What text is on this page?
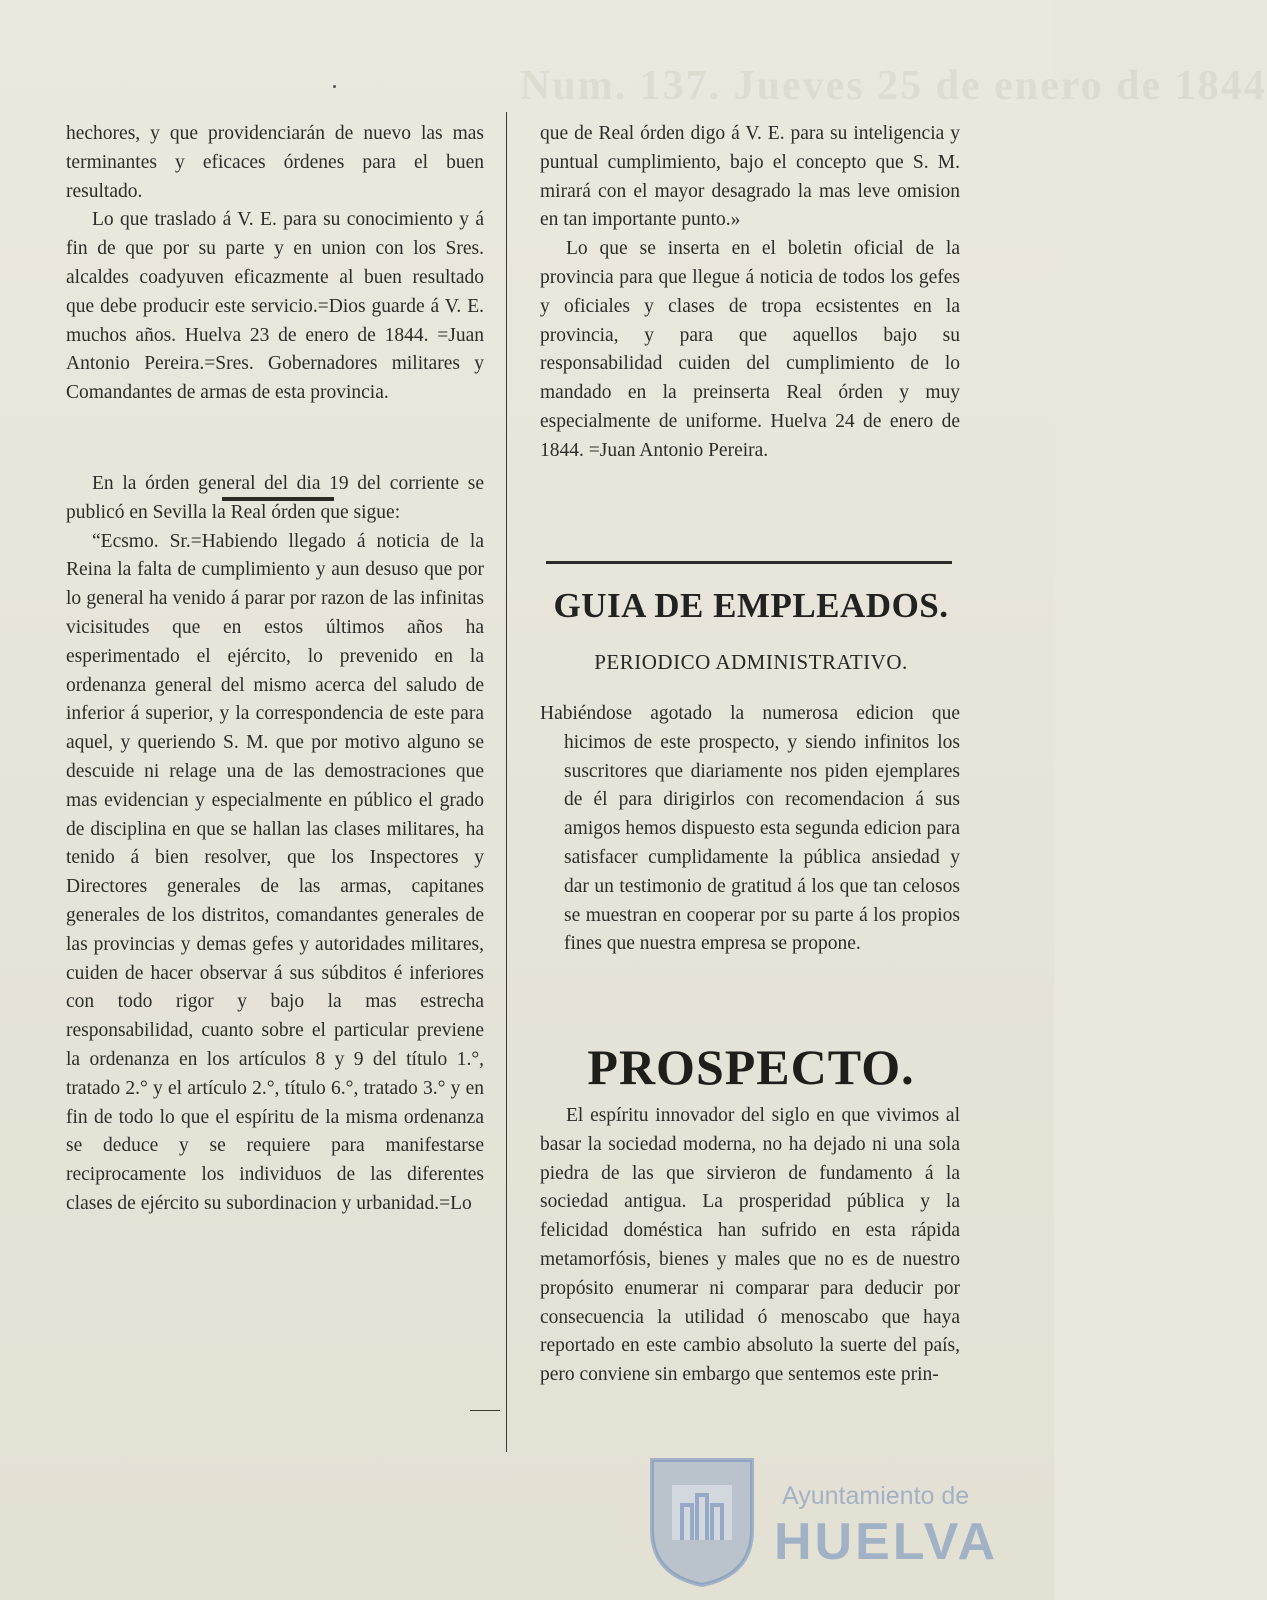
Num. 137. Jueves 25 de enero de 1844

hechores, y que providenciarán de nuevo las mas terminantes y eficaces órdenes para el buen resultado.

Lo que traslado á V. E. para su conocimiento y á fin de que por su parte y en union con los Sres. alcaldes coadyuven eficazmente al buen resultado que debe producir este servicio.=Dios guarde á V. E. muchos años. Huelva 23 de enero de 1844. =Juan Antonio Pereira.=Sres. Gobernadores militares y Comandantes de armas de esta provincia.

En la órden general del dia 19 del corriente se publicó en Sevilla la Real órden que sigue:

“Ecsmo. Sr.=Habiendo llegado á noticia de la Reina la falta de cumplimiento y aun desuso que por lo general ha venido á parar por razon de las infinitas vicisitudes que en estos últimos años ha esperimentado el ejército, lo prevenido en la ordenanza general del mismo acerca del saludo de inferior á superior, y la correspondencia de este para aquel, y queriendo S. M. que por motivo alguno se descuide ni relage una de las demostraciones que mas evidencian y especialmente en público el grado de disciplina en que se hallan las clases militares, ha tenido á bien resolver, que los Inspectores y Directores generales de las armas, capitanes generales de los distritos, comandantes generales de las provincias y demas gefes y autoridades militares, cuiden de hacer observar á sus súbditos é inferiores con todo rigor y bajo la mas estrecha responsabilidad, cuanto sobre el particular previene la ordenanza en los artículos 8 y 9 del título 1.°, tratado 2.° y el artículo 2.°, título 6.°, tratado 3.° y en fin de todo lo que el espíritu de la misma ordenanza se deduce y se requiere para manifestarse reciprocamente los individuos de las diferentes clases de ejército su subordinacion y urbanidad.=Lo

que de Real órden digo á V. E. para su inteligencia y puntual cumplimiento, bajo el concepto que S. M. mirará con el mayor desagrado la mas leve omision en tan importante punto.»

Lo que se inserta en el boletin oficial de la provincia para que llegue á noticia de todos los gefes y oficiales y clases de tropa ecsistentes en la provincia, y para que aquellos bajo su responsabilidad cuiden del cumplimiento de lo mandado en la preinserta Real órden y muy especialmente de uniforme. Huelva 24 de enero de 1844. =Juan Antonio Pereira.

GUIA DE EMPLEADOS.
PERIODICO ADMINISTRATIVO.

Habiéndose agotado la numerosa edicion que hicimos de este prospecto, y siendo infinitos los suscritores que diariamente nos piden ejemplares de él para dirigirlos con recomendacion á sus amigos hemos dispuesto esta segunda edicion para satisfacer cumplidamente la pública ansiedad y dar un testimonio de gratitud á los que tan celosos se muestran en cooperar por su parte á los propios fines que nuestra empresa se propone.

PROSPECTO.

El espíritu innovador del siglo en que vivimos al basar la sociedad moderna, no ha dejado ni una sola piedra de las que sirvieron de fundamento á la sociedad antigua. La prosperidad pública y la felicidad doméstica han sufrido en esta rápida metamorfósis, bienes y males que no es de nuestro propósito enumerar ni comparar para deducir por consecuencia la utilidad ó menoscabo que haya reportado en este cambio absoluto la suerte del país, pero conviene sin embargo que sentemos este prin-

Ayuntamiento de
HUELVA
